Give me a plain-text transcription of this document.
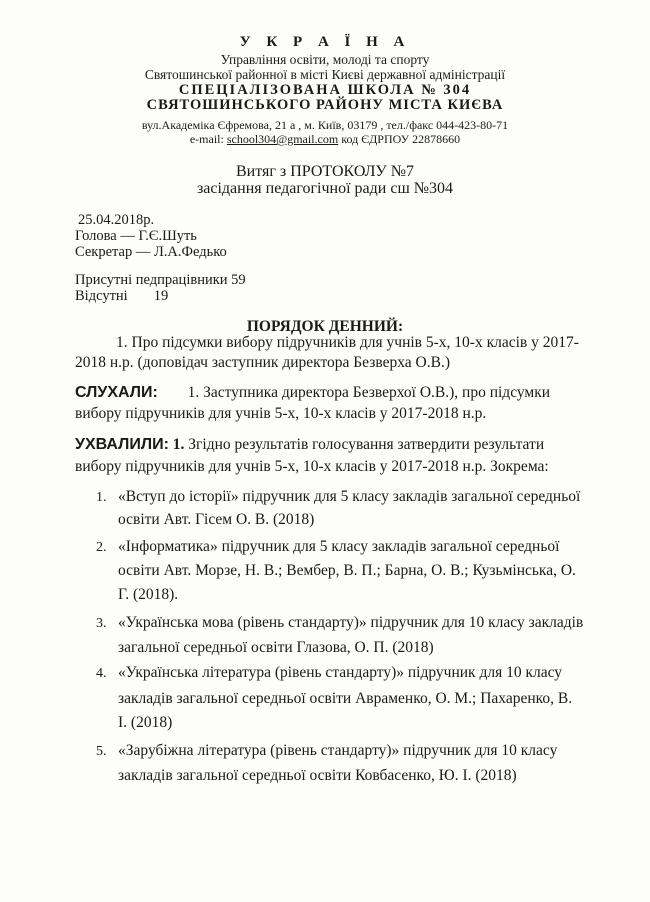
У К Р А Ї Н А
Управління освіти, молоді та спорту
Святошинської районної в місті Києві державної адміністрації
СПЕЦІАЛІЗОВАНА ШКОЛА № 304
СВЯТОШИНСЬКОГО РАЙОНУ МІСТА КИЄВА
вул.Академіка Єфремова, 21 а , м. Київ, 03179 , тел./факс 044-423-80-71
e-mail: school304@gmail.com код ЄДРПОУ 22878660
Витяг з ПРОТОКОЛУ №7
засідання педагогічної ради сш №304
25.04.2018р.
Голова — Г.Є.Шуть
Секретар — Л.А.Федько
Присутні педпрацівники 59
Відсутні 19
ПОРЯДОК ДЕННИЙ:
1. Про підсумки вибору підручників для учнів 5-х, 10-х класів у 2017-
2018 н.р. (доповідач заступник директора Безверха О.В.)
СЛУХАЛИ: 1. Заступника директора Безверхої О.В.), про підсумки
вибору підручників для учнів 5-х, 10-х класів у 2017-2018 н.р.
УХВАЛИЛИ: 1. Згідно результатів голосування затвердити результати
вибору підручників для учнів 5-х, 10-х класів у 2017-2018 н.р. Зокрема:
1. «Вступ до історії» підручник для 5 класу закладів загальної середньої
освіти Авт. Гісем О. В. (2018)
2. «Інформатика» підручник для 5 класу закладів загальної середньої
освіти Авт. Морзе, Н. В.; Вембер, В. П.; Барна, О. В.; Кузьмінська, О.
Г. (2018).
3. «Українська мова (рівень стандарту)» підручник для 10 класу закладів
загальної середньої освіти Глазова, О. П. (2018)
4. «Українська література (рівень стандарту)» підручник для 10 класу
закладів загальної середньої освіти Авраменко, О. М.; Пахаренко, В.
І. (2018)
5. «Зарубіжна література (рівень стандарту)» підручник для 10 класу
закладів загальної середньої освіти Ковбасенко, Ю. І. (2018)
